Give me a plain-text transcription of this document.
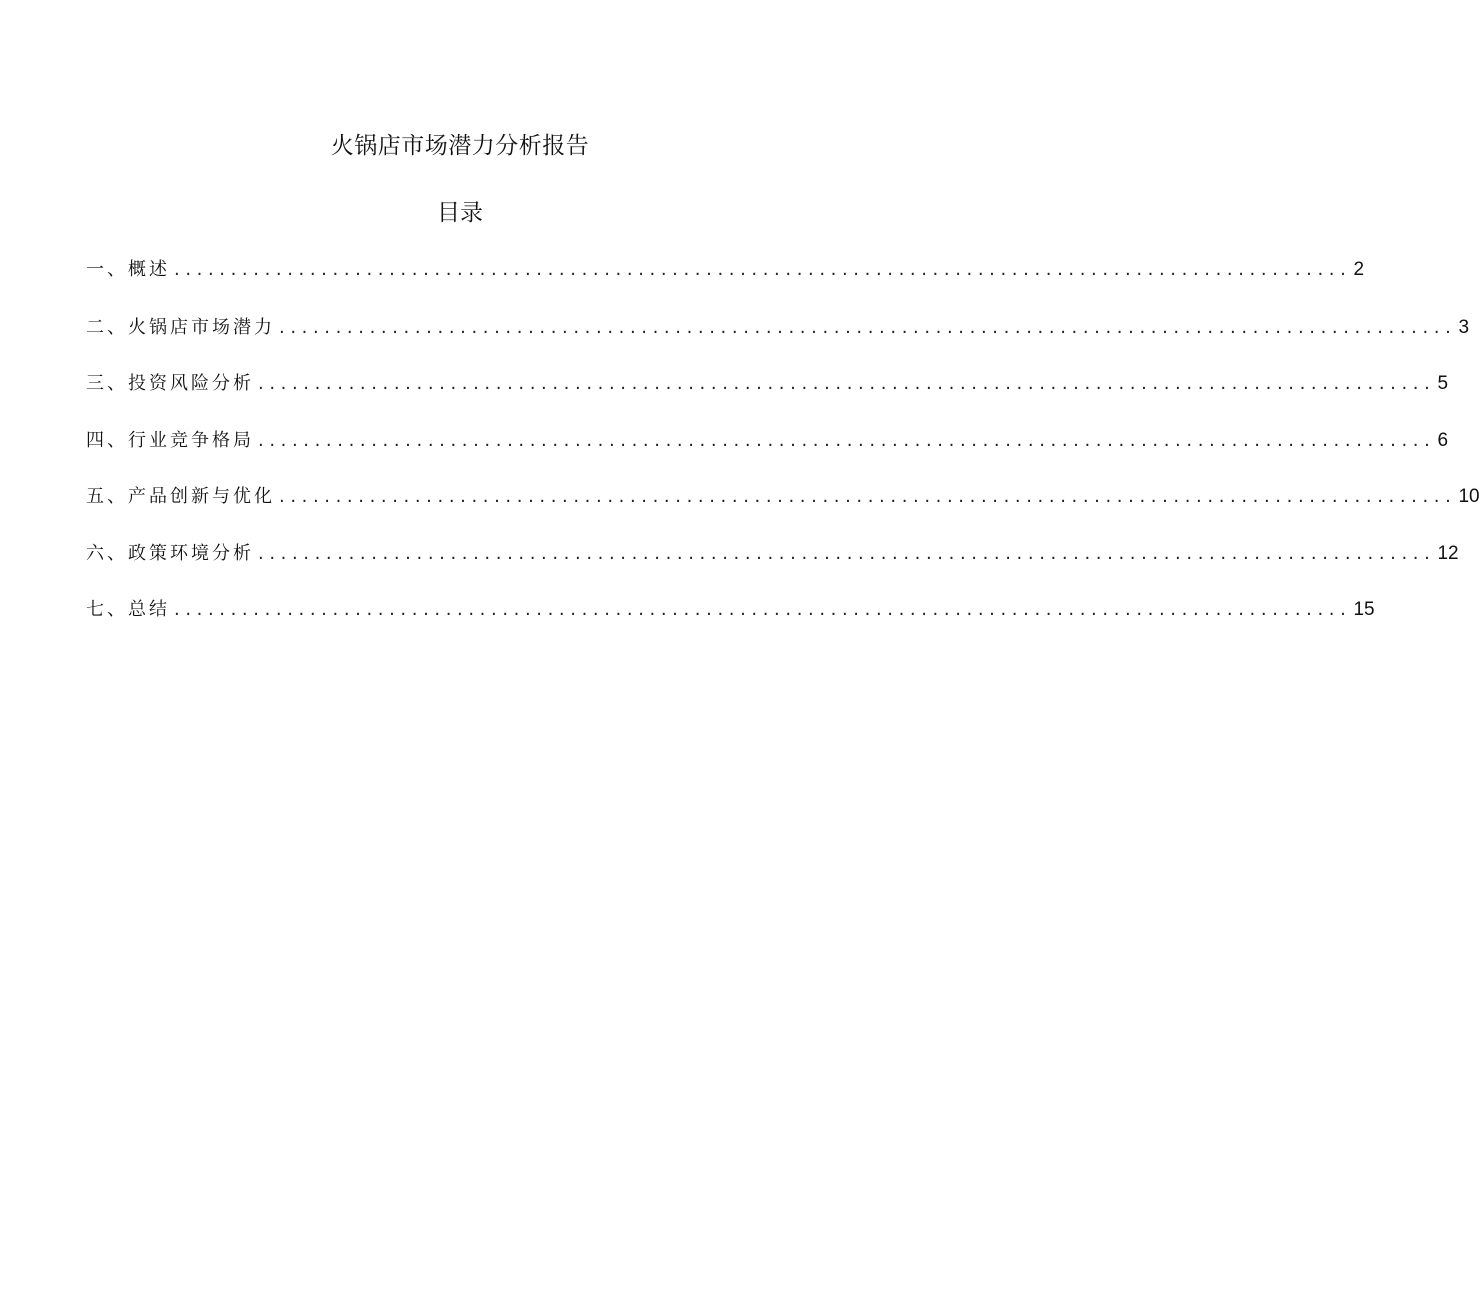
火锅店市场潜力分析报告
目录
一、概述 ........................................................................................................ 2
二、火锅店市场潜力 ........................................................................................................ 3
三、投资风险分析 ........................................................................................................ 5
四、行业竞争格局 ........................................................................................................ 6
五、产品创新与优化 ........................................................................................................ 10
六、政策环境分析 ........................................................................................................ 12
七、总结 ........................................................................................................ 15
